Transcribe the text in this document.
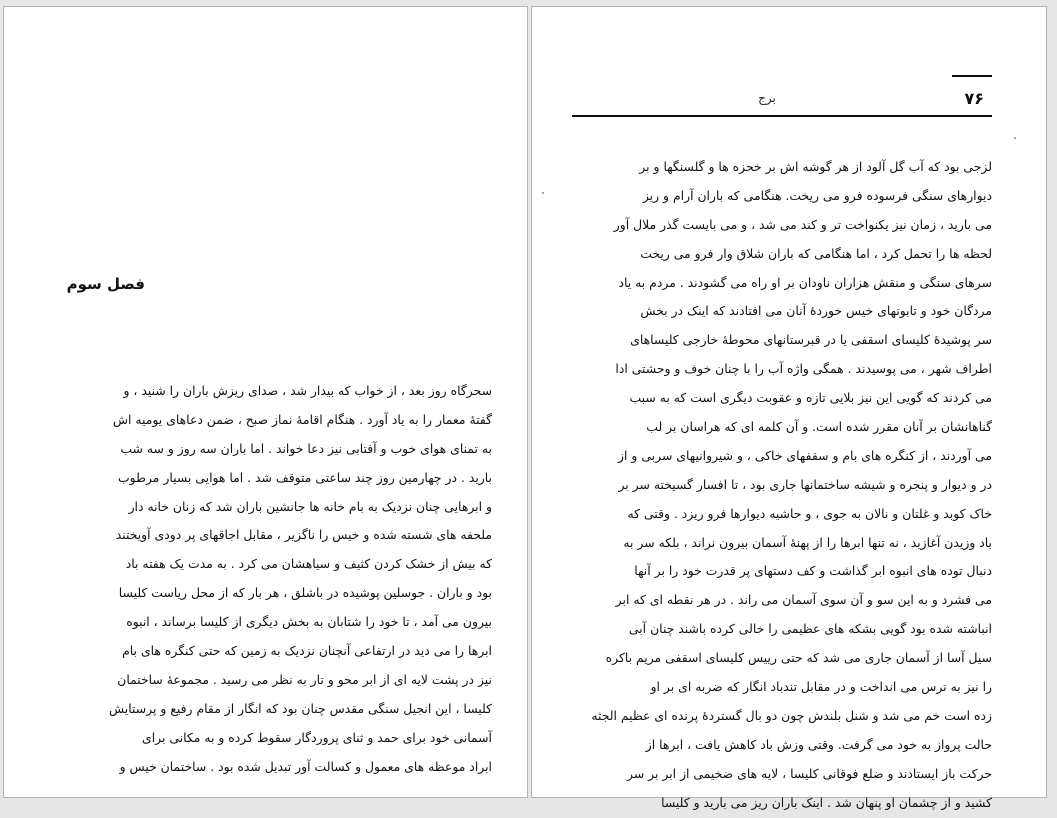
فصل سوم
سحرگاه روز بعد ، از خواب که بیدار شد ، صدای ریزش باران را شنید ، و
گفتهٔ معمار را به یاد آورد . هنگام اقامهٔ نماز صبح ، ضمن دعاهای یومیه اش
به تمنای هوای خوب و آفتابی نیز دعا خواند . اما باران سه روز و سه شب
بارید . در چهارمین روز چند ساعتی متوقف شد . اما هوایی بسیار مرطوب
و ابرهایی چنان نزدیک به بام خانه ها جانشین باران شد که زنان خانه دار
ملحفه های شسته شده و خیس را ناگزیر ، مقابل اجاقهای پر دودی آویختند
که بیش از خشک کردن کثیف و سیاهشان می کرد . به مدت یک هفته باد
بود و باران . جوسلین پوشیده در باشلق ، هر بار که از محل ریاست کلیسا
بیرون می آمد ، تا خود را شتابان به بخش دیگری از کلیسا برساند ، انبوه
ابرها را می دید در ارتفاعی آنچنان نزدیک به زمین که حتی کنگره های بام
نیز در پشت لایه ای از ابر محو و تار به نظر می رسید . مجموعهٔ ساختمان
کلیسا ، این انجیل سنگی مقدس چنان بود که انگار از مقام رفیع و پرستایش
آسمانی خود برای حمد و ثنای پروردگار سقوط کرده و به مکانی برای
ابراد موعظه های معمول و کسالت آور تبدیل شده بود . ساختمان خیس و
۷۶
برج
لزجی بود که آب گل آلود از هر گوشه اش بر خحزه ها و گلسنگها و بر
دیوارهای سنگی فرسوده فرو می ریخت. هنگامی که باران آرام و ریز
می بارید ، زمان نیز یکنواخت تر و کند می شد ، و می بایست گذر ملال آور
لحظه ها را تحمل کرد ، اما هنگامی که باران شلاق وار فرو می ریخت
سرهای سنگی و منقش هزاران ناودان بر او راه می گشودند . مردم به یاد
مردگان خود و تابوتهای خیس خوردهٔ آنان می افتادند که اینک در بخش
سر پوشیدهٔ کلیسای اسقفی یا در قبرستانهای محوطهٔ خارجی کلیساهای
اطراف شهر ، می پوسیدند . همگی واژه آب را با چنان خوف و وحشتی ادا
می کردند که گویی این نیز بلایی تازه و عقوبت دیگری است که به سبب
گناهانشان بر آنان مقرر شده است. و آن کلمه ای که هراسان بر لب
می آوردند ، از کنگره های بام و سقفهای خاکی ، و شیروانیهای سربی و از
در و دیوار و پنجره و شیشه ساختمانها جاری بود ، تا افسار گسیخته سر بر
خاک کوبد و غلتان و نالان به جوی ، و حاشیه دیوارها فرو ریزد . وقتی که
باد وزیدن آغازید ، نه تنها ابرها را از پهنهٔ آسمان بیرون نراند ، بلکه سر به
دنبال توده های انبوه ابر گذاشت و کف دستهای پر قدرت خود را بر آنها
می فشرد و به این سو و آن سوی آسمان می راند . در هر نقطه ای که ابر
انباشته شده بود گویی بشکه های عظیمی را خالی کرده باشند چنان آبی
سیل آسا از آسمان جاری می شد که حتی رییس کلیسای اسقفی مریم باکره
را نیز به ترس می انداخت و در مقابل تندباد انگار که ضربه ای بر او
زده است خم می شد و شنل بلندش چون دو بال گستردهٔ پرنده ای عظیم الجثه
حالت پرواز به خود می گرفت. وقتی وزش باد کاهش یافت ، ابرها از
حرکت باز ایستادند و ضلع فوقانی کلیسا ، لایه های ضخیمی از ابر بر سر
کشید و از چشمان او پنهان شد . اینک باران ریز می بارید و کلیسا
